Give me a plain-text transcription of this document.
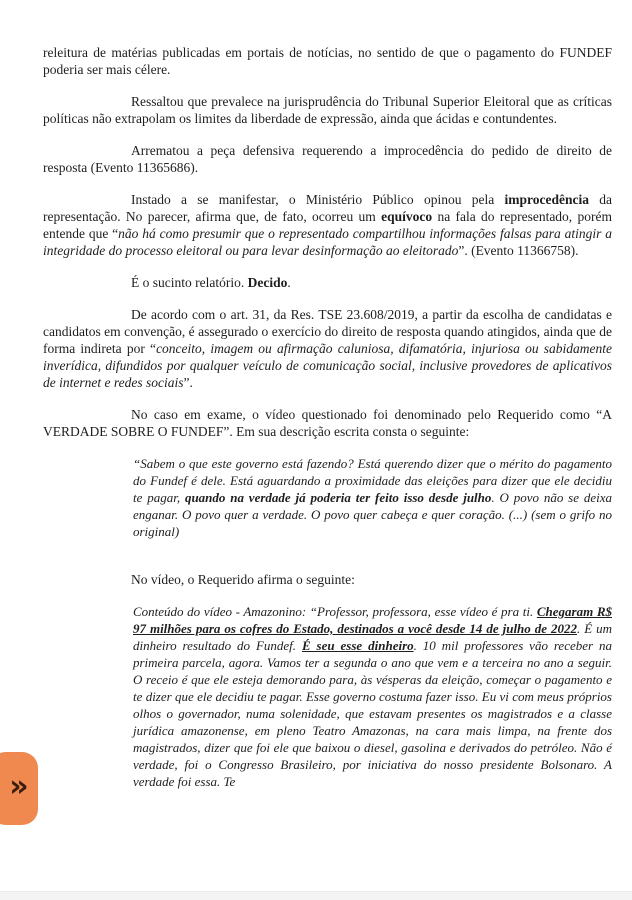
releitura de matérias publicadas em portais de notícias, no sentido de que o pagamento do FUNDEF poderia ser mais célere.

Ressaltou que prevalece na jurisprudência do Tribunal Superior Eleitoral que as críticas políticas não extrapolam os limites da liberdade de expressão, ainda que ácidas e contundentes.

Arrematou a peça defensiva requerendo a improcedência do pedido de direito de resposta (Evento 11365686).

Instado a se manifestar, o Ministério Público opinou pela improcedência da representação. No parecer, afirma que, de fato, ocorreu um equívoco na fala do representado, porém entende que “não há como presumir que o representado compartilhou informações falsas para atingir a integridade do processo eleitoral ou para levar desinformação ao eleitorado”. (Evento 11366758).

É o sucinto relatório. Decido.

De acordo com o art. 31, da Res. TSE 23.608/2019, a partir da escolha de candidatas e candidatos em convenção, é assegurado o exercício do direito de resposta quando atingidos, ainda que de forma indireta por “conceito, imagem ou afirmação caluniosa, difamatória, injuriosa ou sabidamente inverídica, difundidos por qualquer veículo de comunicação social, inclusive provedores de aplicativos de internet e redes sociais”.

No caso em exame, o vídeo questionado foi denominado pelo Requerido como “A VERDADE SOBRE O FUNDEF”. Em sua descrição escrita consta o seguinte:

“Sabem o que este governo está fazendo? Está querendo dizer que o mérito do pagamento do Fundef é dele. Está aguardando a proximidade das eleições para dizer que ele decidiu te pagar, quando na verdade já poderia ter feito isso desde julho. O povo não se deixa enganar. O povo quer a verdade. O povo quer cabeça e quer coração. (...) (sem o grifo no original)

No vídeo, o Requerido afirma o seguinte:

Conteúdo do vídeo - Amazonino: “Professor, professora, esse vídeo é pra ti. Chegaram R$ 97 milhões para os cofres do Estado, destinados a você desde 14 de julho de 2022. É um dinheiro resultado do Fundef. É seu esse dinheiro. 10 mil professores vão receber na primeira parcela, agora. Vamos ter a segunda o ano que vem e a terceira no ano a seguir. O receio é que ele esteja demorando para, às vésperas da eleição, começar o pagamento e te dizer que ele decidiu te pagar. Esse governo costuma fazer isso. Eu vi com meus próprios olhos o governador, numa solenidade, que estavam presentes os magistrados e a classe jurídica amazonense, em pleno Teatro Amazonas, na cara mais limpa, na frente dos magistrados, dizer que foi ele que baixou o diesel, gasolina e derivados do petróleo. Não é verdade, foi o Congresso Brasileiro, por iniciativa do nosso presidente Bolsonaro. A verdade foi essa. Te

»
